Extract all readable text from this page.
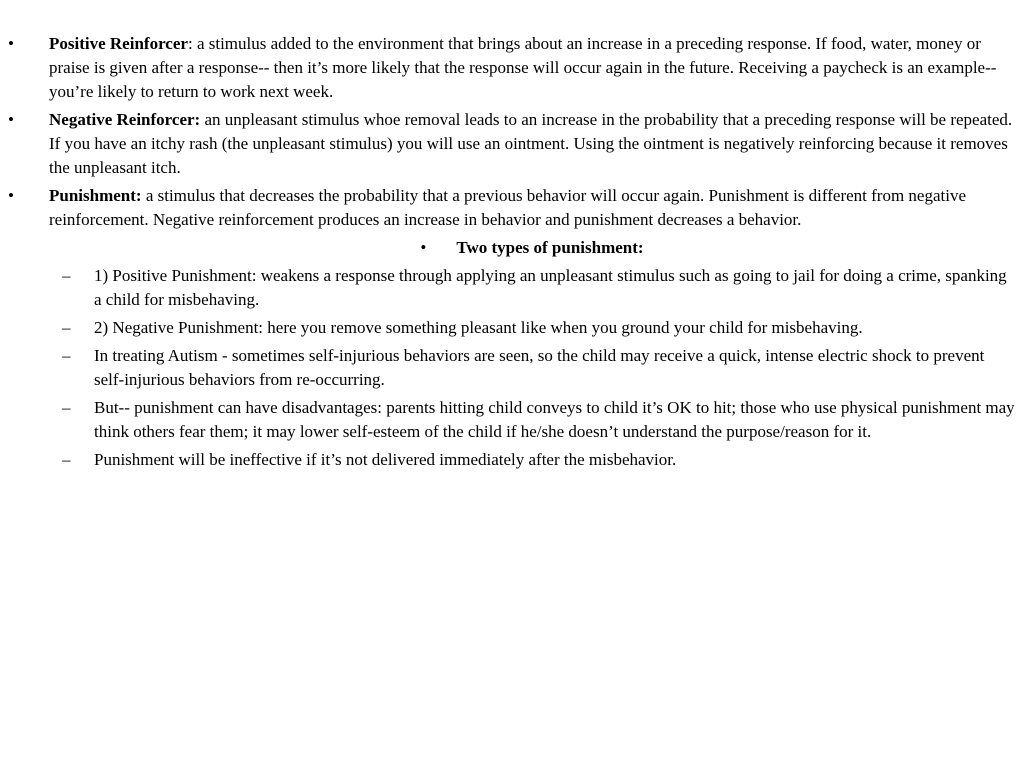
• Positive Reinforcer: a stimulus added to the environment that brings about an increase in a preceding response. If food, water, money or praise is given after a response-- then it’s more likely that the response will occur again in the future. Receiving a paycheck is an example-- you’re likely to return to work next week.
• Negative Reinforcer: an unpleasant stimulus whoe removal leads to an increase in the probability that a preceding response will be repeated. If you have an itchy rash (the unpleasant stimulus) you will use an ointment. Using the ointment is negatively reinforcing because it removes the unpleasant itch.
• Punishment: a stimulus that decreases the probability that a previous behavior will occur again. Punishment is different from negative reinforcement. Negative reinforcement produces an increase in behavior and punishment decreases a behavior.
• Two types of punishment:
– 1) Positive Punishment: weakens a response through applying an unpleasant stimulus such as going to jail for doing a crime, spanking a child for misbehaving.
– 2) Negative Punishment: here you remove something pleasant like when you ground your child for misbehaving.
– In treating Autism - sometimes self-injurious behaviors are seen, so the child may receive a quick, intense electric shock to prevent self-injurious behaviors from re-occurring.
– But-- punishment can have disadvantages: parents hitting child conveys to child it’s OK to hit; those who use physical punishment may think others fear them; it may lower self-esteem of the child if he/she doesn’t understand the purpose/reason for it.
– Punishment will be ineffective if it’s not delivered immediately after the misbehavior.
